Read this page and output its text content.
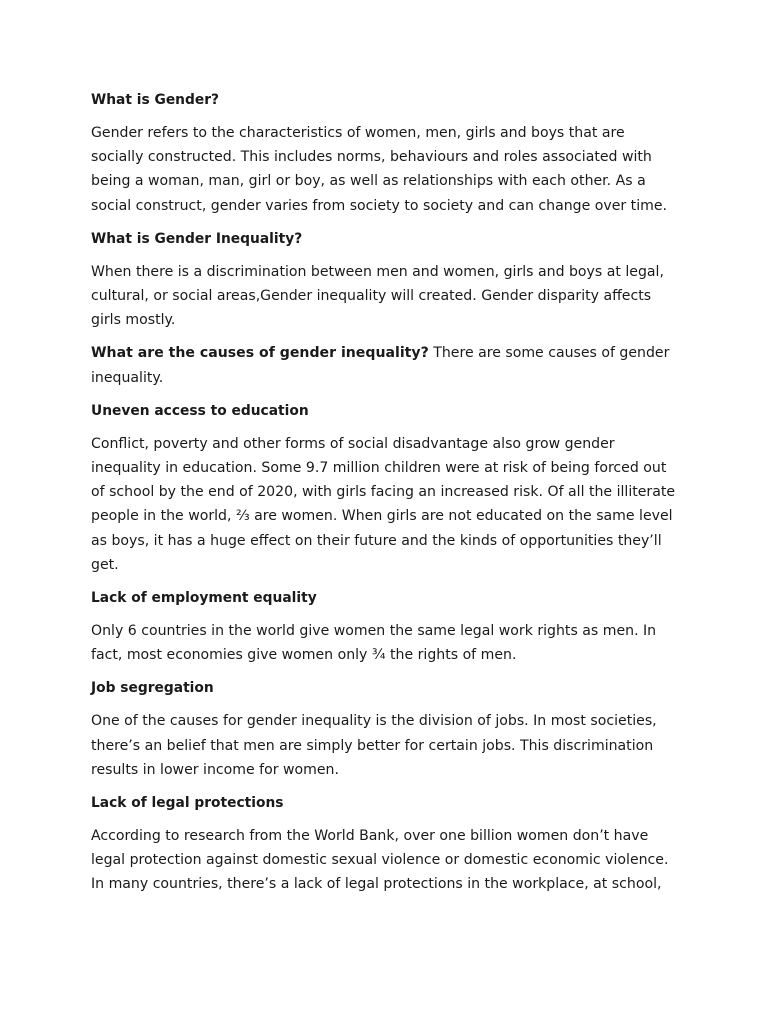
What is Gender?
Gender refers to the characteristics of women, men, girls and boys that are
socially constructed. This includes norms, behaviours and roles associated with
being a woman, man, girl or boy, as well as relationships with each other. As a
social construct, gender varies from society to society and can change over time.
What is Gender Inequality?
When there is a discrimination between men and women, girls and boys at legal,
cultural, or social areas,Gender inequality will created. Gender disparity affects
girls mostly.
What are the causes of gender inequality? There are some causes of gender
inequality.
Uneven access to education
Conflict, poverty and other forms of social disadvantage also grow gender
inequality in education. Some 9.7 million children were at risk of being forced out
of school by the end of 2020, with girls facing an increased risk. Of all the illiterate
people in the world, ⅔ are women. When girls are not educated on the same level
as boys, it has a huge effect on their future and the kinds of opportunities they’ll
get.
Lack of employment equality
Only 6 countries in the world give women the same legal work rights as men. In
fact, most economies give women only ¾ the rights of men.
Job segregation
One of the causes for gender inequality is the division of jobs. In most societies,
there’s an belief that men are simply better for certain jobs. This discrimination
results in lower income for women.
Lack of legal protections
According to research from the World Bank, over one billion women don’t have
legal protection against domestic sexual violence or domestic economic violence.
In many countries, there’s a lack of legal protections in the workplace, at school,
